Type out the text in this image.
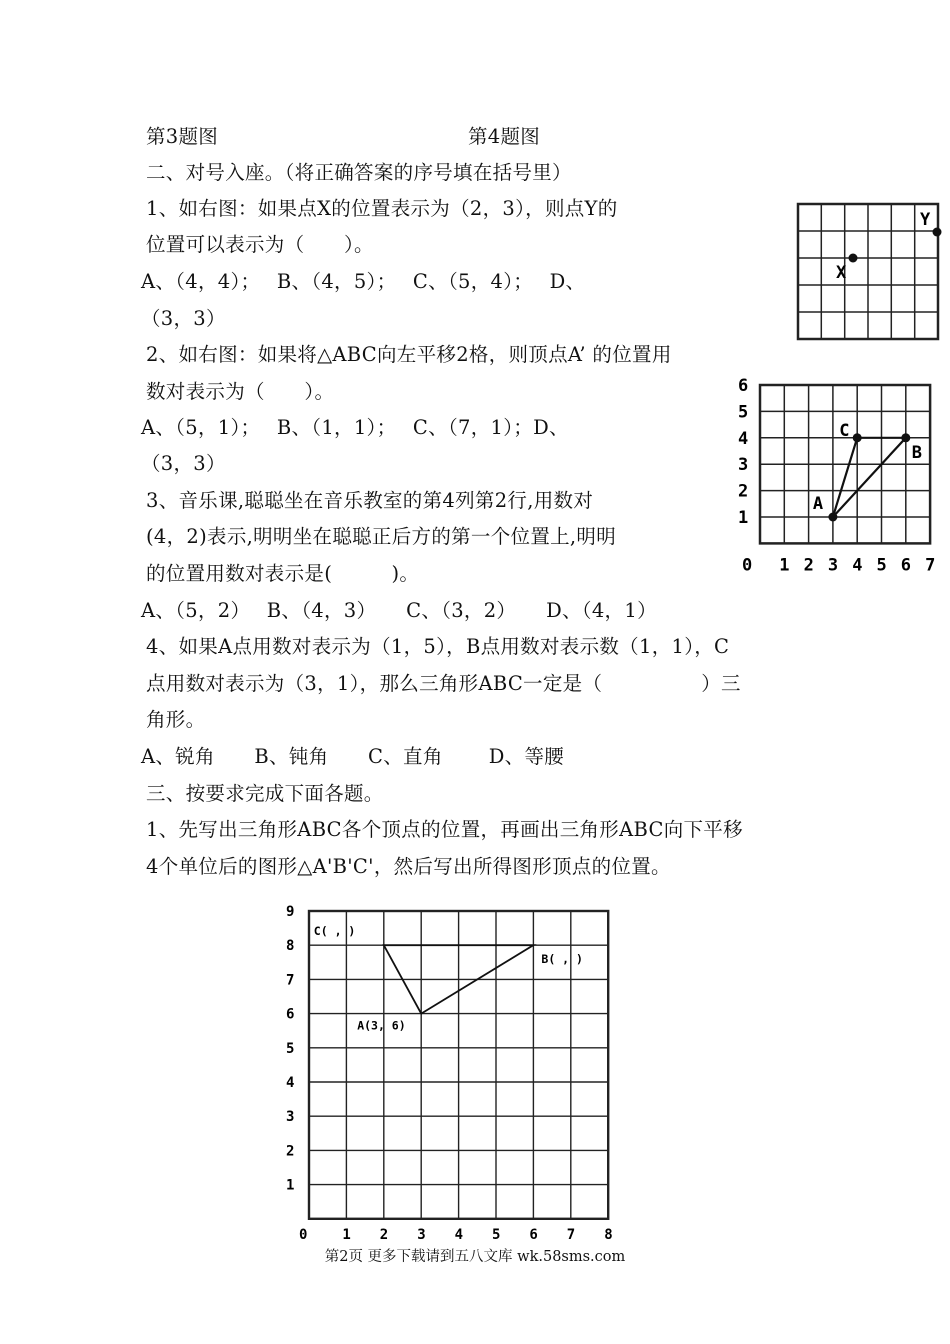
第3题图	第4题图
二、对号入座。（将正确答案的序号填在括号里）
1、如右图：如果点X的位置表示为（2，3），则点Y的
位置可以表示为（　　）。
A、（4，4）；　 B、（4，5）；　 C、（5，4）；　 D、
（3，3）
2、如右图：如果将△ABC向左平移2格，则顶点A’ 的位置用
数对表示为（　　）。
A、（5，1）；　 B、（1，1）；　 C、（7，1）；D、
（3，3）
3、音乐课,聪聪坐在音乐教室的第4列第2行,用数对
(4，2)表示,明明坐在聪聪正后方的第一个位置上,明明
的位置用数对表示是(　　　)。
A、（5，2）　 B、（4，3）　　C、（3，2）　　D、（4，1）
4、如果A点用数对表示为（1，5），B点用数对表示数（1，1），C
点用数对表示为（3，1），那么三角形ABC一定是（　　　　　）三
角形。
A、锐角　　B、钝角　　C、直角　　 D、等腰
三、按要求完成下面各题。
1、先写出三角形ABC各个顶点的位置，再画出三角形ABC向下平移
4个单位后的图形△A'B'C'，然后写出所得图形顶点的位置。
X
Y
0 1 2 3 4 5 6 7
1
2
3
4
5
6
A
B
C
0 1 2 3 4 5 6 7 8
1
2
3
4
5
6
7
8
9
A(3, 6)
B( , )
C( , )
第2页 更多下载请到五八文库 wk.58sms.com
